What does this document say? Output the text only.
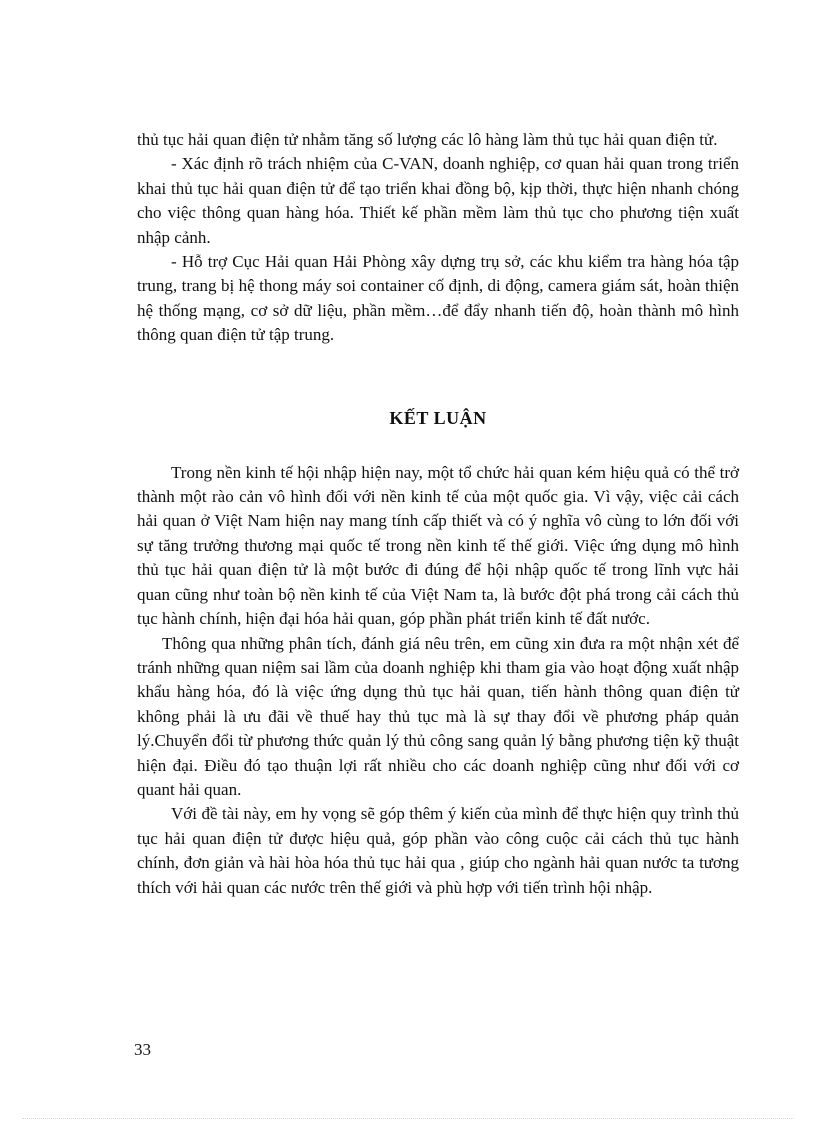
thủ tục hải quan điện tử nhằm tăng số lượng các lô hàng làm thủ tục hải quan điện tử.

- Xác định rõ trách nhiệm của C-VAN, doanh nghiệp, cơ quan hải quan trong triển khai thủ tục hải quan điện tử để tạo triển khai đồng bộ, kịp thời, thực hiện nhanh chóng cho việc thông quan hàng hóa. Thiết kế phần mềm làm thủ tục cho phương tiện xuất nhập cảnh.

- Hỗ trợ Cục Hải quan Hải Phòng xây dựng trụ sở, các khu kiểm tra hàng hóa tập trung, trang bị hệ thong máy soi container cố định, di động, camera giám sát, hoàn thiện hệ thống mạng, cơ sở dữ liệu, phần mềm…để đẩy nhanh tiến độ, hoàn thành mô hình thông quan điện tử tập trung.

KẾT LUẬN

Trong nền kinh tế hội nhập hiện nay, một tổ chức hải quan kém hiệu quả có thể trở thành một rào cản vô hình đối với nền kinh tế của một quốc gia. Vì vậy, việc cải cách hải quan ở Việt Nam hiện nay mang tính cấp thiết và có ý nghĩa vô cùng to lớn đối với sự tăng trưởng thương mại quốc tế trong nền kinh tế thế giới. Việc ứng dụng mô hình thủ tục hải quan điện tử là một bước đi đúng để hội nhập quốc tế trong lĩnh vực hải quan cũng như toàn bộ nền kinh tế của Việt Nam ta, là bước đột phá trong cải cách thủ tục hành chính, hiện đại hóa hải quan, góp phần phát triển kinh tế đất nước.

Thông qua những phân tích, đánh giá nêu trên, em cũng xin đưa ra một nhận xét để tránh những quan niệm sai lầm của doanh nghiệp khi tham gia vào hoạt động xuất nhập khẩu hàng hóa, đó là việc ứng dụng thủ tục hải quan, tiến hành thông quan điện tử không phải là ưu đãi về thuế hay thủ tục mà là sự thay đổi về phương pháp quản lý.Chuyển đổi từ phương thức quản lý thủ công sang quản lý bằng phương tiện kỹ thuật hiện đại. Điều đó tạo thuận lợi rất nhiều cho các doanh nghiệp cũng như đối với cơ quant hải quan.

Với đề tài này, em hy vọng sẽ góp thêm ý kiến của mình để thực hiện quy trình thủ tục hải quan điện tử được hiệu quả, góp phần vào công cuộc cải cách thủ tục hành chính, đơn giản và hài hòa hóa thủ tục hải qua , giúp cho ngành hải quan nước ta tương thích với hải quan các nước trên thế giới và phù hợp với tiến trình hội nhập.

33
